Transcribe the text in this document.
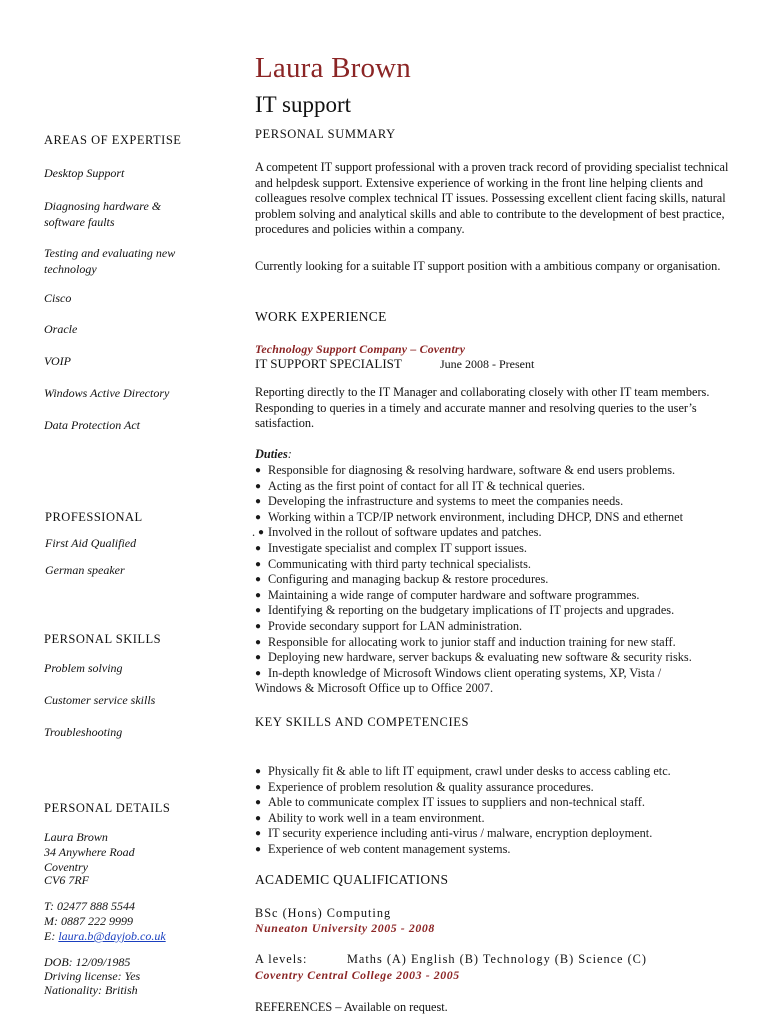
Laura Brown
IT support
AREAS OF EXPERTISE
Desktop Support
Diagnosing hardware & software faults
Testing and evaluating new technology
Cisco
Oracle
VOIP
Windows Active Directory
Data Protection Act
PROFESSIONAL
First Aid Qualified
German speaker
PERSONAL SKILLS
Problem solving
Customer service skills
Troubleshooting
PERSONAL DETAILS
Laura Brown
34 Anywhere Road
Coventry
CV6 7RF
T: 02477 888 5544
M: 0887 222 9999
E: laura.b@dayjob.co.uk
DOB: 12/09/1985
Driving license: Yes
Nationality: British
PERSONAL SUMMARY
A competent IT support professional with a proven track record of providing specialist technical and helpdesk support. Extensive experience of working in the front line helping clients and colleagues resolve complex technical IT issues. Possessing excellent client facing skills, natural problem solving and analytical skills and able to contribute to the development of best practice, procedures and policies within a company.
Currently looking for a suitable IT support position with a ambitious company or organisation.
WORK EXPERIENCE
Technology Support Company – Coventry
IT SUPPORT SPECIALIST	June 2008 - Present
Reporting directly to the IT Manager and collaborating closely with other IT team members. Responding to queries in a timely and accurate manner and resolving queries to the user’s satisfaction.
Duties:
● Responsible for diagnosing & resolving hardware, software & end users problems.
● Acting as the first point of contact for all IT & technical queries.
● Developing the infrastructure and systems to meet the companies needs.
● Working within a TCP/IP network environment, including DHCP, DNS and ethernet
●
. Involved in the rollout of software updates and patches.
● Investigate specialist and complex IT support issues.
● Communicating with third party technical specialists.
● Configuring and managing backup & restore procedures.
● Maintaining a wide range of computer hardware and software programmes.
● Identifying & reporting on the budgetary implications of IT projects and upgrades.
● Provide secondary support for LAN administration.
● Responsible for allocating work to junior staff and induction training for new staff.
● Deploying new hardware, server backups & evaluating new software & security risks.
● In-depth knowledge of Microsoft Windows client operating systems, XP, Vista /
Windows & Microsoft Office up to Office 2007.
KEY SKILLS AND COMPETENCIES
● Physically fit & able to lift IT equipment, crawl under desks to access cabling etc.
● Experience of problem resolution & quality assurance procedures.
● Able to communicate complex IT issues to suppliers and non-technical staff.
● Ability to work well in a team environment.
● IT security experience including anti-virus / malware, encryption deployment.
● Experience of web content management systems.
ACADEMIC QUALIFICATIONS
BSc (Hons) Computing
Nuneaton University 2005 - 2008
A levels:	Maths (A) English (B) Technology (B) Science (C)
Coventry Central College 2003 - 2005
REFERENCES – Available on request.
